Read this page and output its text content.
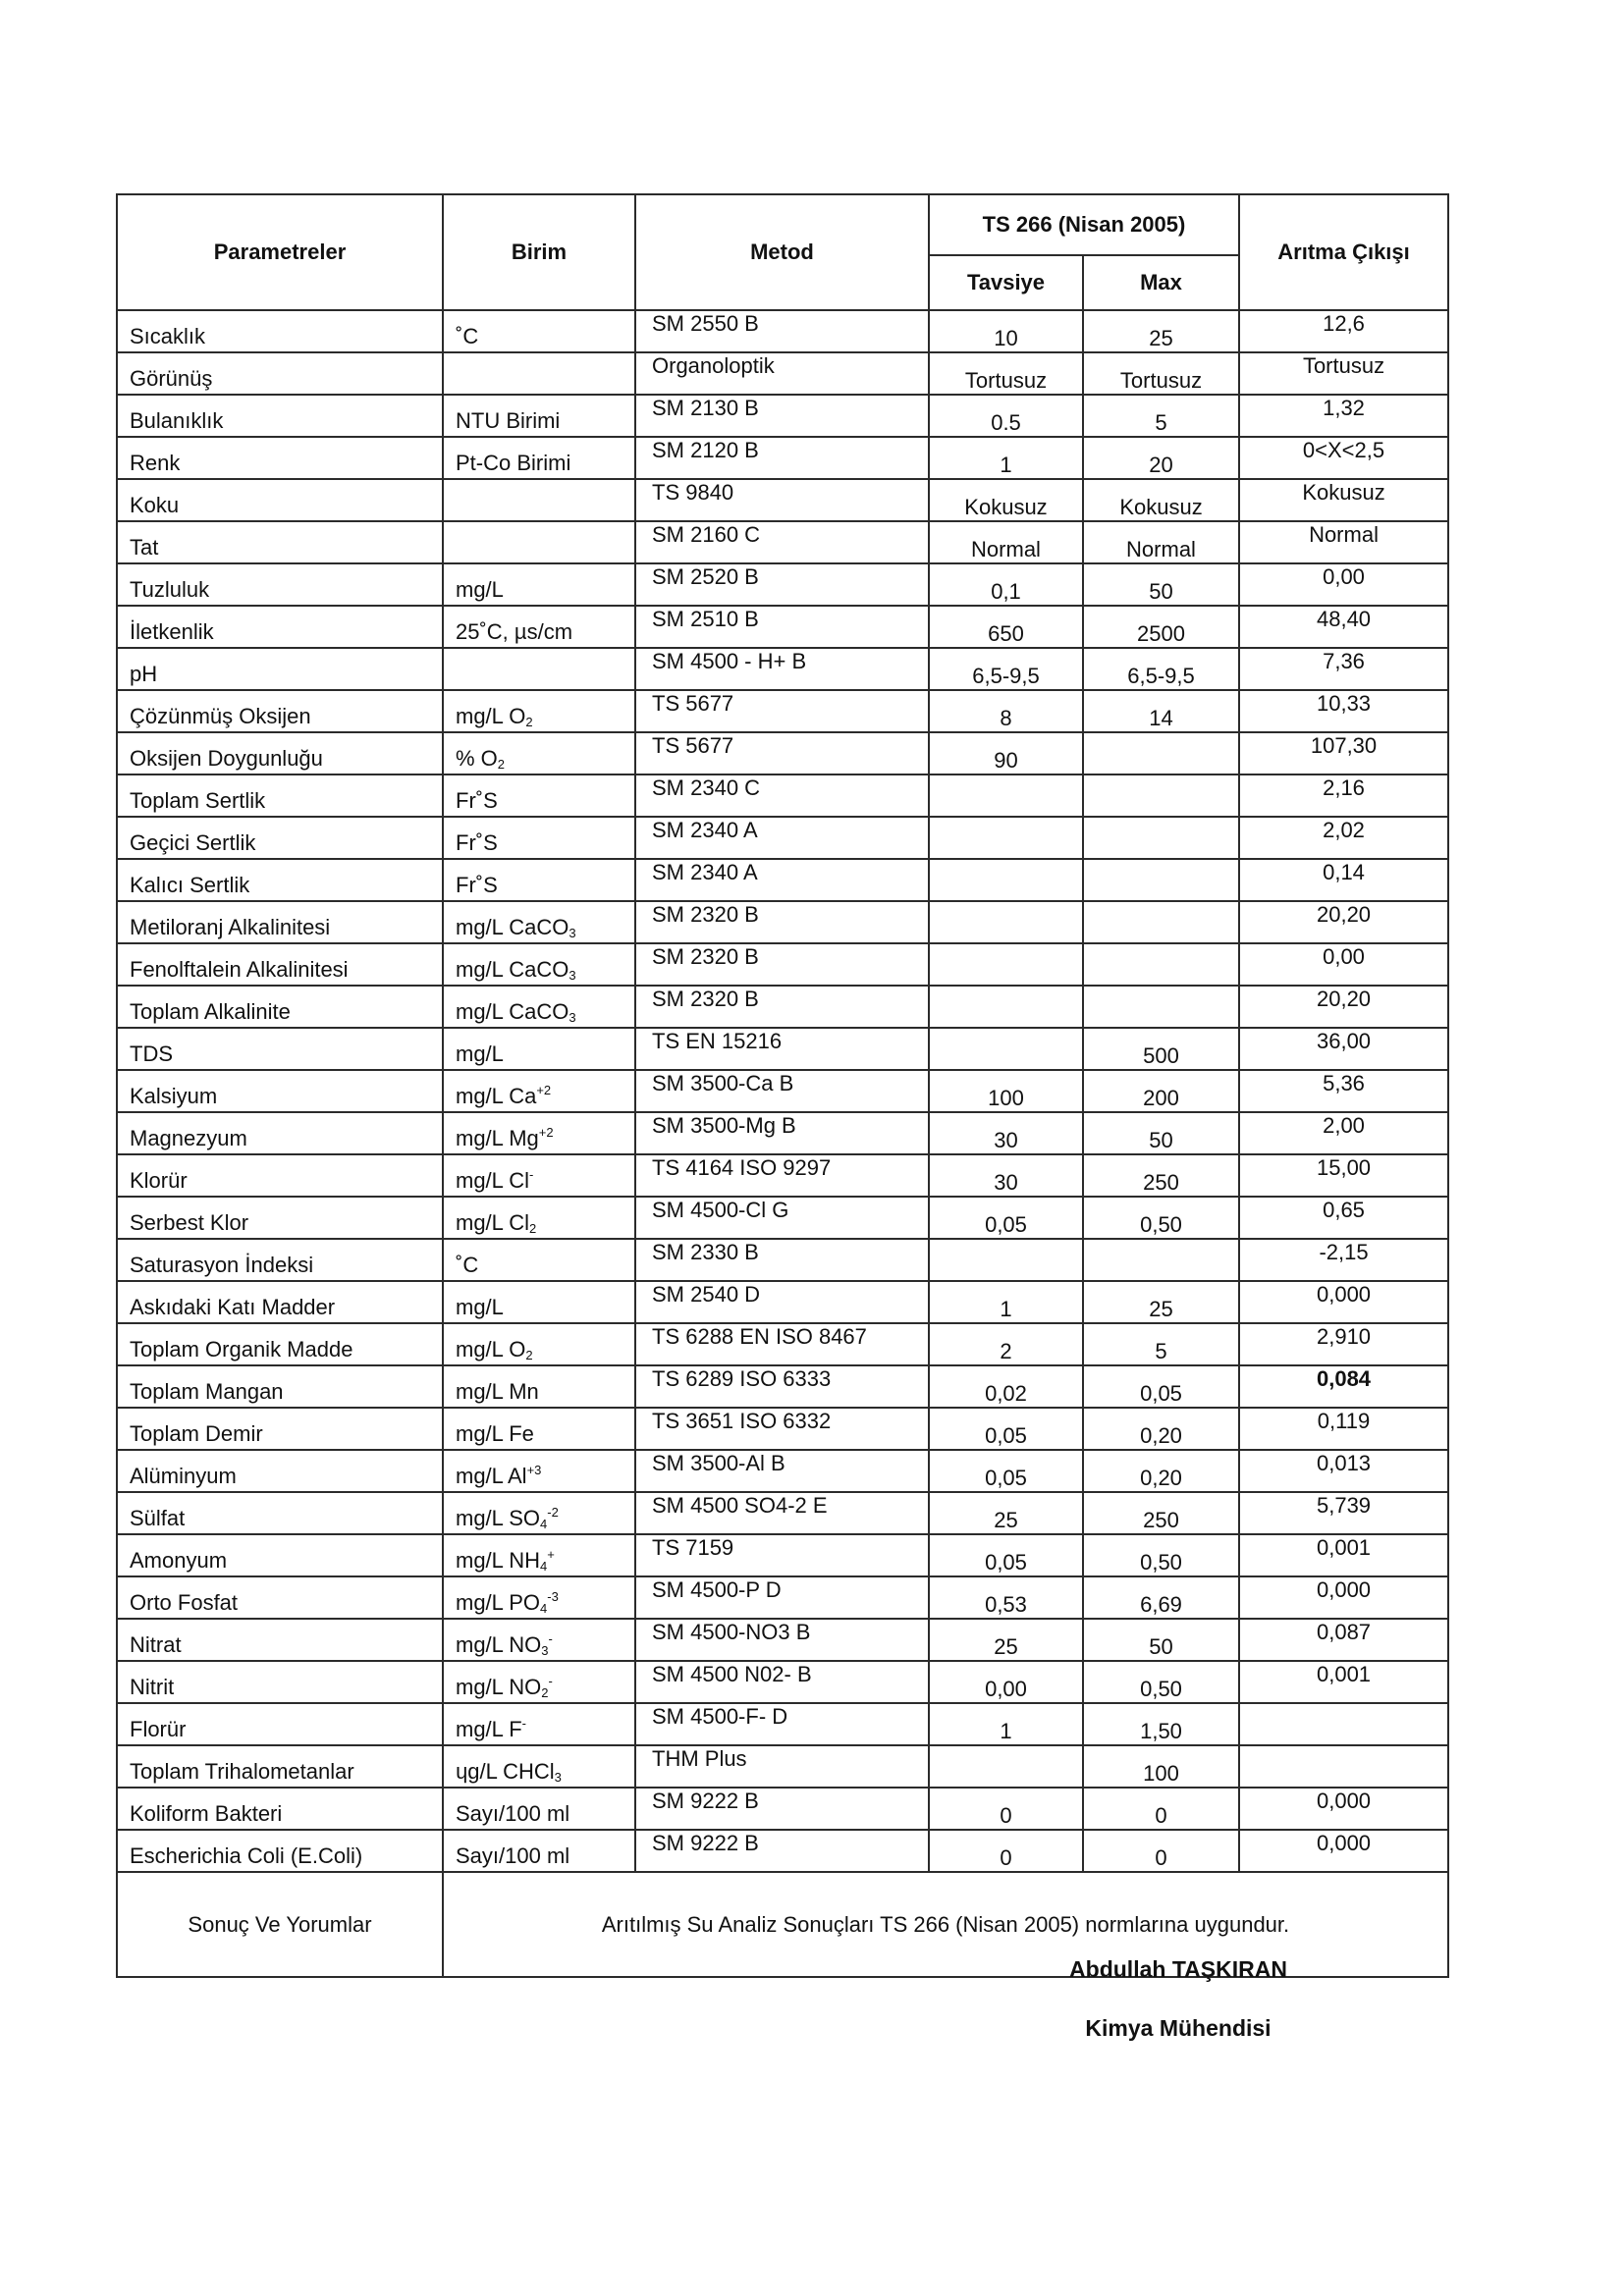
Parametreler	Birim	Metod	TS 266 (Nisan 2005)		Arıtma Çıkışı
			Tavsiye	Max	
Sıcaklık	˚C	SM 2550 B	10	25	12,6
Görünüş		Organoloptik	Tortusuz	Tortusuz	Tortusuz
Bulanıklık	NTU Birimi	SM 2130 B	0.5	5	1,32
Renk	Pt-Co Birimi	SM 2120 B	1	20	0<X<2,5
Koku		TS 9840	Kokusuz	Kokusuz	Kokusuz
Tat		SM 2160 C	Normal	Normal	Normal
Tuzluluk	mg/L	SM 2520 B	0,1	50	0,00
İletkenlik	25˚C, µs/cm	SM 2510 B	650	2500	48,40
pH		SM 4500 - H+ B	6,5-9,5	6,5-9,5	7,36
Çözünmüş Oksijen	mg/L $O_2$	TS 5677	8	14	10,33
Oksijen Doygunluğu	% $O_2$	TS 5677	90		107,30
Toplam Sertlik	Fr˚S	SM 2340 C			2,16
Geçici Sertlik	Fr˚S	SM 2340 A			2,02
Kalıcı Sertlik	Fr˚S	SM 2340 A			0,14
Metiloranj Alkalinitesi	mg/L CaCO$_3$	SM 2320 B			20,20
Fenolftalein Alkalinitesi	mg/L CaCO$_3$	SM 2320 B			0,00
Toplam Alkalinite	mg/L CaCO$_3$	SM 2320 B			20,20
TDS	mg/L	TS EN 15216		500	36,00
Kalsiyum	mg/L $Ca^{+2}$	SM 3500-Ca B	100	200	5,36
Magnezyum	mg/L $Mg^{+2}$	SM 3500-Mg B	30	50	2,00
Klorür	mg/L Cl-	TS 4164 ISO 9297	30	250	15,00
Serbest Klor	mg/L $Cl_2$	SM 4500-Cl G	0,05	0,50	0,65
Saturasyon İndeksi	˚C	SM 2330 B			-2,15
Askıdaki Katı Madder	mg/L	SM 2540 D	1	25	0,000
Toplam Organik Madde	mg/L $O_2$	TS 6288 EN ISO 8467	2	5	2,910
Toplam Mangan	mg/L Mn	TS 6289 ISO 6333	0,02	0,05	0,084
Toplam Demir	mg/L Fe	TS 3651 ISO 6332	0,05	0,20	0,119
Alüminyum	mg/L $Al^{+3}$	SM 3500-Al B	0,05	0,20	0,013
Sülfat	mg/L $SO_4^{-2}$	SM 4500 SO4-2 E	25	250	5,739
Amonyum	mg/L $NH_4^+$	TS 7159	0,05	0,50	0,001
Orto Fosfat	mg/L $PO_4^{-3}$	SM 4500-P D	0,53	6,69	0,000
Nitrat	mg/L $NO_3^-$	SM 4500-NO3 B	25	50	0,087
Nitrit	mg/L $NO_2^-$	SM 4500 N02- B	0,00	0,50	0,001
Florür	mg/L F-	SM 4500-F- D	1	1,50	
Toplam Trihalometanlar	ɥg/L CHCl$_3$	THM Plus		100	
Koliform Bakteri	Sayı/100 ml	SM 9222 B	0	0	0,000
Escherichia Coli (E.Coli)	Sayı/100 ml	SM 9222 B	0	0	0,000
Sonuç Ve Yorumlar	Arıtılmış Su Analiz Sonuçları TS 266 (Nisan 2005) normlarına uygundur.				
Abdullah TAŞKIRAN
Kimya Mühendisi
